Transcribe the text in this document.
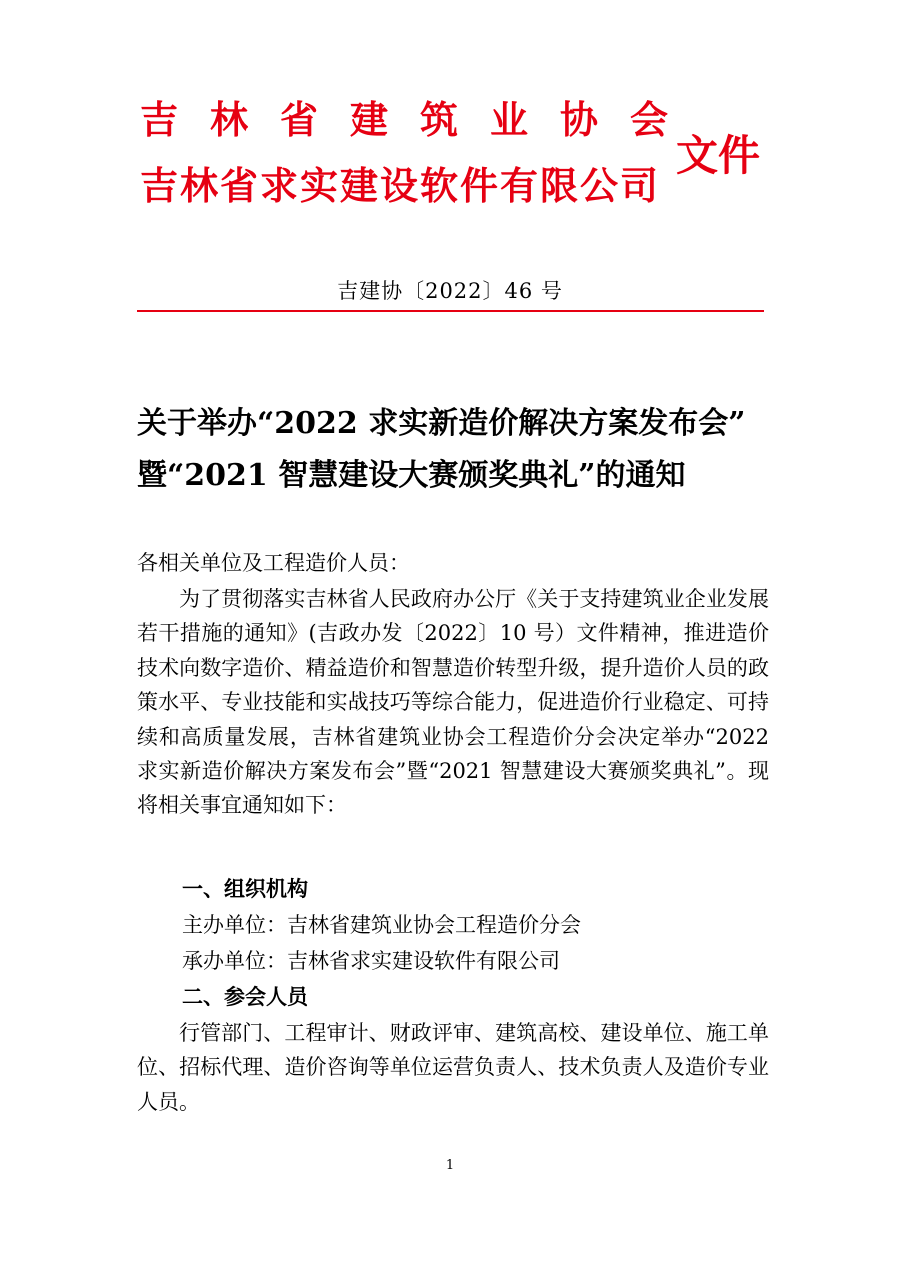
吉林省建筑业协会
吉林省求实建设软件有限公司
文件
吉建协〔2022〕46 号
关于举办“2022 求实新造价解决方案发布会”
暨“2021 智慧建设大赛颁奖典礼”的通知
各相关单位及工程造价人员：

为了贯彻落实吉林省人民政府办公厅《关于支持建筑业企业发展若干措施的通知》(吉政办发〔2022〕10 号）文件精神，推进造价技术向数字造价、精益造价和智慧造价转型升级，提升造价人员的政策水平、专业技能和实战技巧等综合能力，促进造价行业稳定、可持续和高质量发展，吉林省建筑业协会工程造价分会决定举办“2022 求实新造价解决方案发布会”暨“2021 智慧建设大赛颁奖典礼”。现将相关事宜通知如下：

一、组织机构
主办单位：吉林省建筑业协会工程造价分会
承办单位：吉林省求实建设软件有限公司
二、参会人员

行管部门、工程审计、财政评审、建筑高校、建设单位、施工单位、招标代理、造价咨询等单位运营负责人、技术负责人及造价专业人员。

1
